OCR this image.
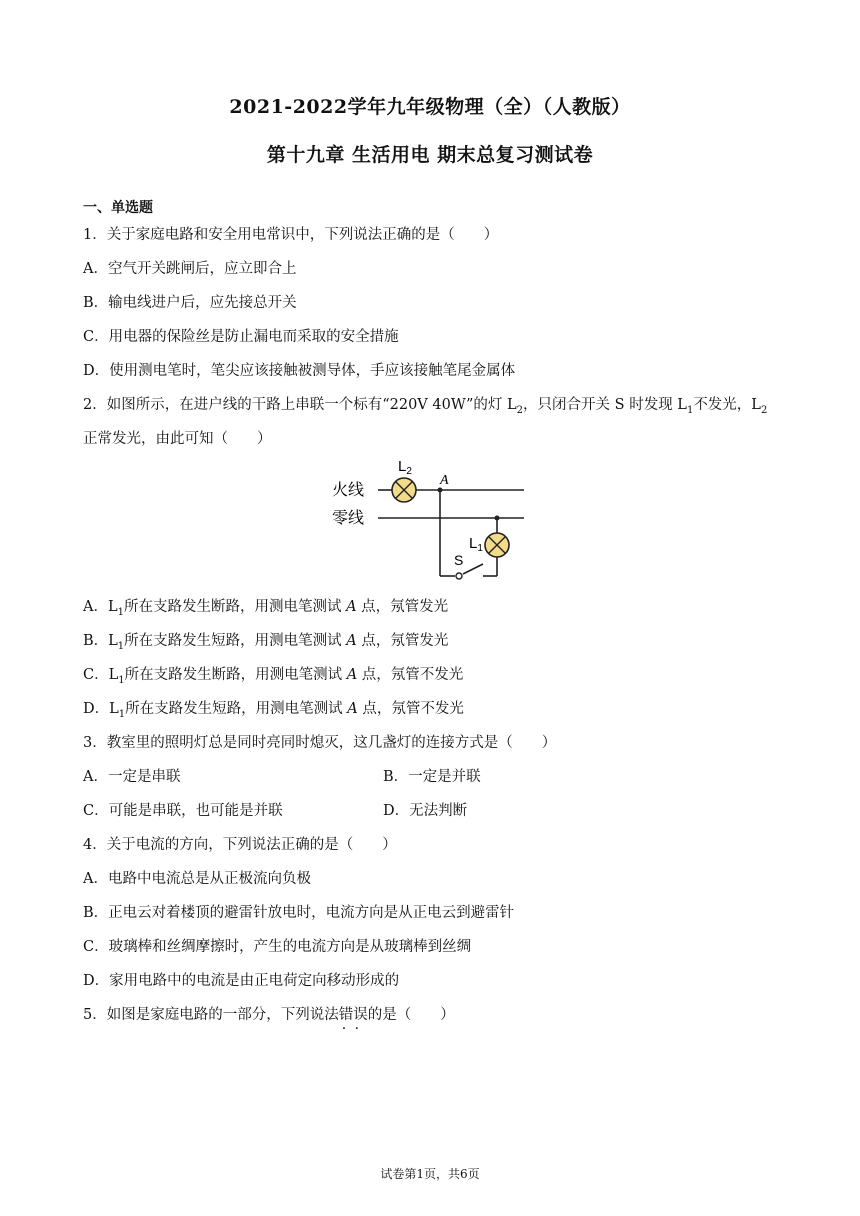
2021-2022学年九年级物理（全）（人教版）
第十九章 生活用电 期末总复习测试卷
一、单选题
1．关于家庭电路和安全用电常识中，下列说法正确的是（　　）
A．空气开关跳闸后，应立即合上
B．输电线进户后，应先接总开关
C．用电器的保险丝是防止漏电而采取的安全措施
D．使用测电笔时，笔尖应该接触被测导体，手应该接触笔尾金属体
2．如图所示，在进户线的干路上串联一个标有“220V 40W”的灯 $L_2$，只闭合开关 S 时发现 $L_1$不发光，$L_2$
正常发光，由此可知（　　）
火线
零线
$L_2$
A
$L_1$
S
A．$L_1$所在支路发生断路，用测电笔测试 A 点，氖管发光
B．$L_1$所在支路发生短路，用测电笔测试 A 点，氖管发光
C．$L_1$所在支路发生断路，用测电笔测试 A 点，氖管不发光
D．$L_1$所在支路发生短路，用测电笔测试 A 点，氖管不发光
3．教室里的照明灯总是同时亮同时熄灭，这几盏灯的连接方式是（　　）
A．一定是串联	B．一定是并联
C．可能是串联，也可能是并联	D．无法判断
4．关于电流的方向，下列说法正确的是（　　）
A．电路中电流总是从正极流向负极
B．正电云对着楼顶的避雷针放电时，电流方向是从正电云到避雷针
C．玻璃棒和丝绸摩擦时，产生的电流方向是从玻璃棒到丝绸
D．家用电路中的电流是由正电荷定向移动形成的
5．如图是家庭电路的一部分，下列说法错误 · ·的是（　　）
试卷第1页，共6页
